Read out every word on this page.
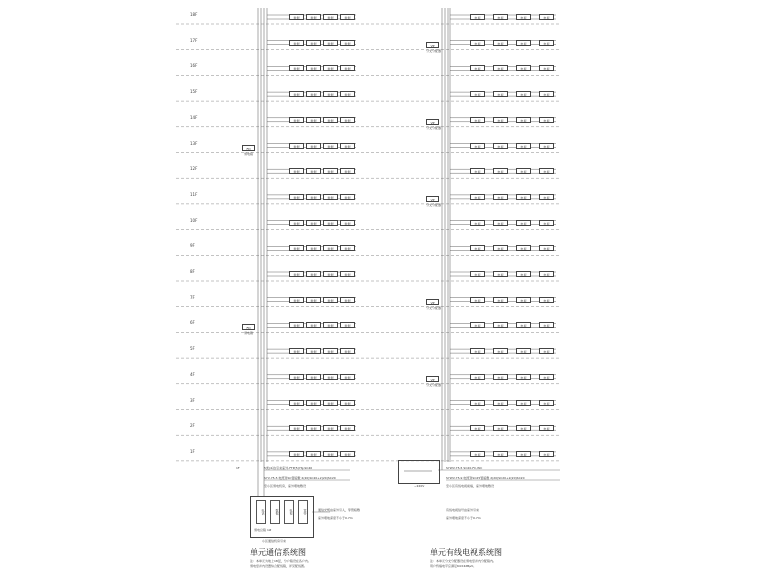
18F
17F
16F
15F
14F
13F
12F
11F
10F
9F
8F
7F
6F
5F
4F
3F
2F
1F
数据	数据	数据	数据
数据	数据	数据	数据
数据	数据	数据	数据
数据	数据	数据	数据
数据	数据	数据	数据
数据	数据	数据	数据
数据	数据	数据	数据
数据	数据	数据	数据
数据	数据	数据	数据
数据	数据	数据	数据
数据	数据	数据	数据
数据	数据	数据	数据
数据	数据	数据	数据
数据	数据	数据	数据
数据	数据	数据	数据
数据	数据	数据	数据
数据	数据	数据	数据
数据	数据	数据	数据
电视	电视	电视	电视
电视	电视	电视	电视
电视	电视	电视	电视
电视	电视	电视	电视
电视	电视	电视	电视
电视	电视	电视	电视
电视	电视	电视	电视
电视	电视	电视	电视
电视	电视	电视	电视
电视	电视	电视	电视
电视	电视	电视	电视
电视	电视	电视	电视
电视	电视	电视	电视
电视	电视	电视	电视
电视	电视	电视	电视
电视	电视	电视	电视
电视	电视	电视	电视
电视	电视	电视	电视
FD
弱电箱
FD
弱电箱
VP
分支分配器
VP
分支分配器
VP
分支分配器
VP
分支分配器
VP
分支分配器
5类(4对)引来室外-FTP(5)YSJ-SC40
SYV-75-5 电缆穿SC管暗敷 2(20)SC20+2(20)SC20
至小区弱电机房，室外埋地敷设
通信光缆由室外引入，穿管暗敷
室外埋地深度不小于0.7m
电话	数据	电视	宽带
弱电总箱 1#
小区通信机房引来
1F	SYWV-75-5 SC20-FC,WC
SYWV-75-9 电缆穿SC25管暗敷 2(20)SC20+2(20)SC20
至小区有线电视前端，室外埋地敷设
有线电视信号由室外引来
室外埋地深度不小于0.7m
~220V
单元通信系统图
注：本单元为地上18层，分户箱设在各户内。
弱电竖井内设置综合配线箱，详见配线图。
单元有线电视系统图
注：本单元分支分配器设在弱电竖井内分配箱内。
用户终端电平应满足64±4dBμV。
